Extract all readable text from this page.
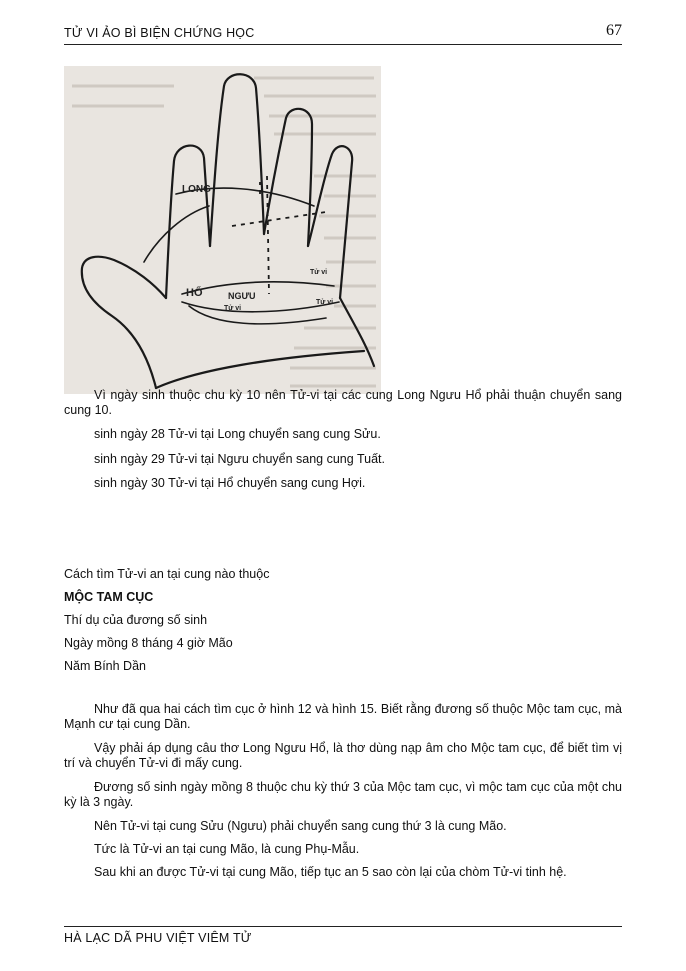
TỬ VI ẢO BÌ BIỆN CHỨNG HỌC	67
LONG
HỔ	NGƯU
Tử vi
Tử vi
Tử vi

Vì ngày sinh thuộc chu kỳ 10 nên Tử-vi tại các cung Long Ngưu Hổ phải thuận chuyển sang cung 10.

sinh ngày 28 Tử-vi tại Long chuyển sang cung Sửu.

sinh ngày 29 Tử-vi tại Ngưu chuyển sang cung Tuất.

sinh ngày 30 Tử-vi tại Hổ chuyển sang cung Hợi.

Cách tìm Tử-vi an tại cung nào thuộc

MỘC TAM CỤC

Thí dụ của đương số sinh

Ngày mồng 8 tháng 4 giờ Mão

Năm Bính Dần

Như đã qua hai cách tìm cục ở hình 12 và hình 15. Biết rằng đương số thuộc Mộc tam cục, mà Mạnh cư tại cung Dần.

Vậy phải áp dụng câu thơ Long Ngưu Hổ, là thơ dùng nạp âm cho Mộc tam cục, để biết tìm vị trí và chuyển Tử-vi đi mấy cung.

Đương số sinh ngày mồng 8 thuộc chu kỳ thứ 3 của Mộc tam cục, vì mộc tam cục của một chu kỳ là 3 ngày.

Nên Tử-vi tại cung Sửu (Ngưu) phải chuyển sang cung thứ 3 là cung Mão.

Tức là Tử-vi an tại cung Mão, là cung Phụ-Mẫu.

Sau khi an được Tử-vi tại cung Mão, tiếp tục an 5 sao còn lại của chòm Tử-vi tinh hệ.

HÀ LẠC DÃ PHU VIỆT VIÊM TỬ
